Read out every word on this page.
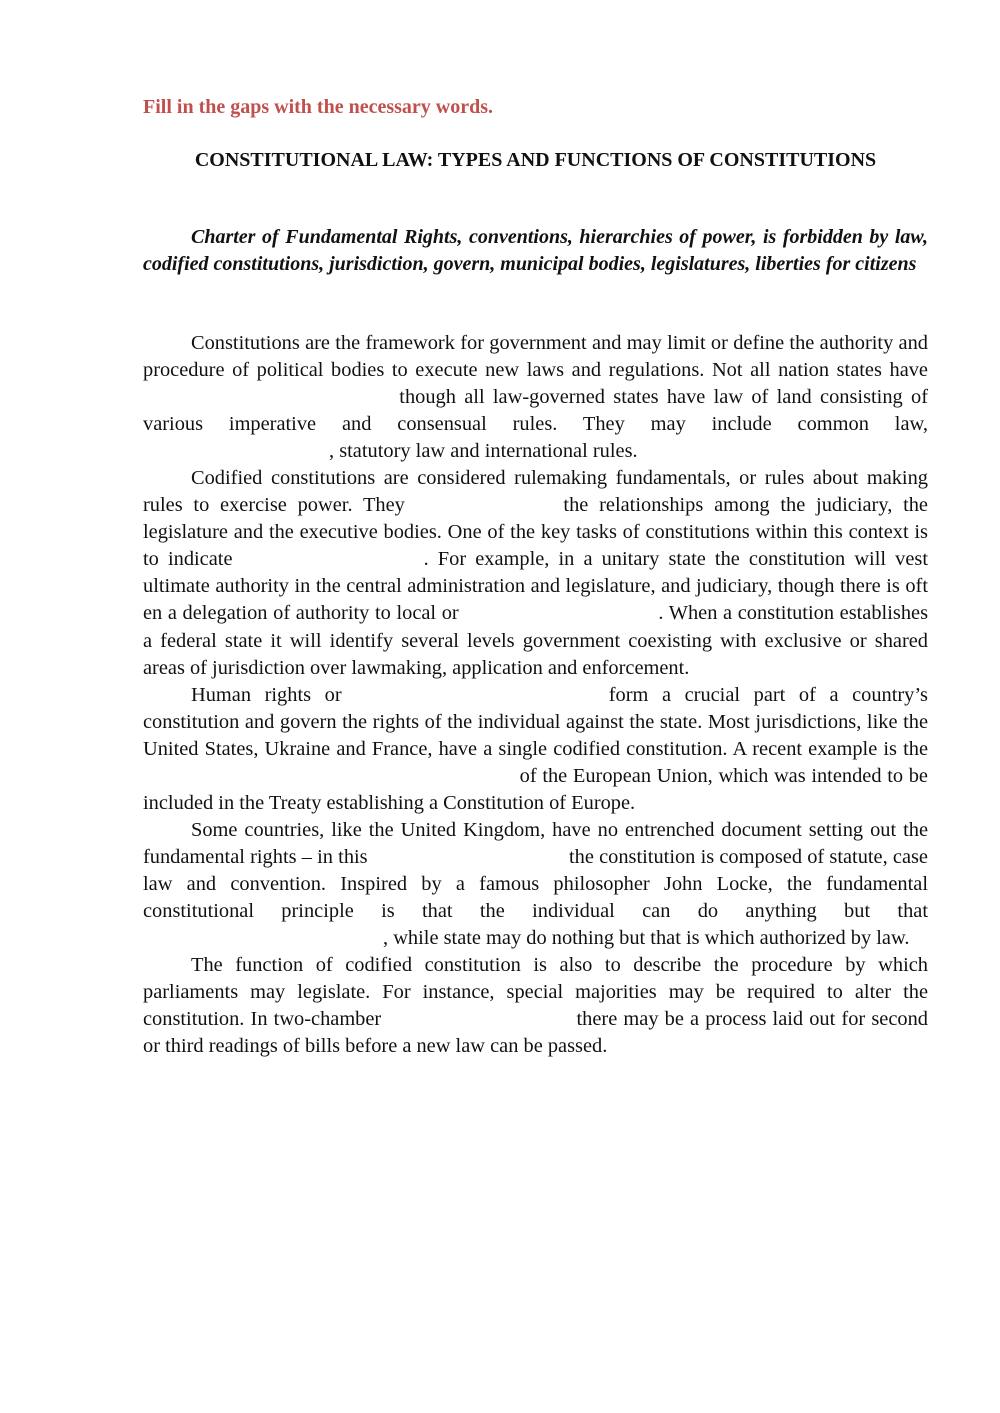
Fill in the gaps with the necessary words.

CONSTITUTIONAL LAW: TYPES AND FUNCTIONS OF CONSTITUTIONS

Charter of Fundamental Rights, conventions, hierarchies of power, is forbidden by law, codified constitutions, jurisdiction, govern, municipal bodies, legislatures, liberties for citizens

Constitutions are the framework for government and may limit or define the authority and procedure of political bodies to execute new laws and regulations. Not all nation states have  though all law-governed states have law of land consisting of various imperative and consensual rules. They may include common law, , statutory law and international rules.

Codified constitutions are considered rulemaking fundamentals, or rules about making rules to exercise power. They	the relationships among the judiciary, the legislature and the executive bodies. One of the key tasks of constitutions within this context is to indicate	. For example, in a unitary state the constitution will vest ultimate authority in the central administration and legislature, and judiciary, though there is oft en a delegation of authority to local or	. When a constitution establishes a federal state it will identify several levels government coexisting with exclusive or shared areas of jurisdiction over lawmaking, application and enforcement.

Human rights or	form a crucial part of a country’s constitution and govern the rights of the individual against the state. Most jurisdictions, like the United States, Ukraine and France, have a single codified constitution. A recent example is the  of the European Union, which was intended to be included in the Treaty establishing a Constitution of Europe.

Some countries, like the United Kingdom, have no entrenched document setting out the fundamental rights – in this	the constitution is composed of statute, case law and convention. Inspired by a famous philosopher John Locke, the fundamental constitutional principle is that the individual can do anything but that , while state may do nothing but that is which authorized by law.

The function of codified constitution is also to describe the procedure by which parliaments may legislate. For instance, special majorities may be required to alter the constitution. In two-chamber	there may be a process laid out for second or third readings of bills before a new law can be passed.
